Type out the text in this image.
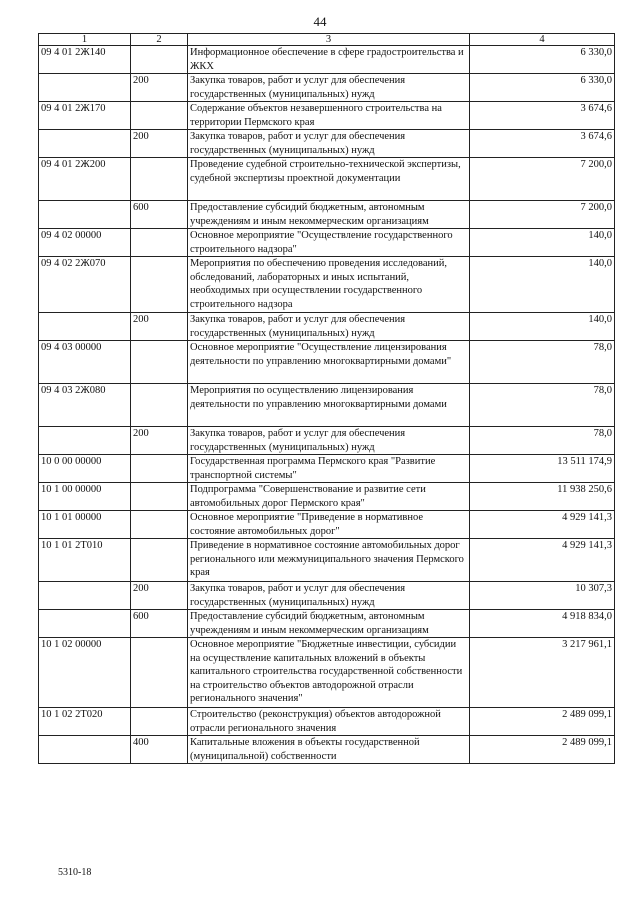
44
1	2	3	4
09 4 01 2Ж140		Информационное обеспечение в сфере градостроительства и ЖКХ	6 330,0
	200	Закупка товаров, работ и услуг для обеспечения государственных (муниципальных) нужд	6 330,0
09 4 01 2Ж170		Содержание объектов незавершенного строительства на территории Пермского края	3 674,6
	200	Закупка товаров, работ и услуг для обеспечения государственных (муниципальных) нужд	3 674,6
09 4 01 2Ж200		Проведение судебной строительно-технической экспертизы, судебной экспертизы проектной документации	7 200,0
	600	Предоставление субсидий бюджетным, автономным учреждениям и иным некоммерческим организациям	7 200,0
09 4 02 00000		Основное мероприятие "Осуществление государственного строительного надзора"	140,0
09 4 02 2Ж070		Мероприятия по обеспечению проведения исследований, обследований, лабораторных и иных испытаний, необходимых при осуществлении государственного строительного надзора	140,0
	200	Закупка товаров, работ и услуг для обеспечения государственных (муниципальных) нужд	140,0
09 4 03 00000		Основное мероприятие "Осуществление лицензирования деятельности по управлению многоквартирными домами"	78,0
09 4 03 2Ж080		Мероприятия по осуществлению лицензирования деятельности по управлению многоквартирными домами	78,0
	200	Закупка товаров, работ и услуг для обеспечения государственных (муниципальных) нужд	78,0
10 0 00 00000		Государственная программа Пермского края "Развитие транспортной системы"	13 511 174,9
10 1 00 00000		Подпрограмма "Совершенствование и развитие сети автомобильных дорог Пермского края"	11 938 250,6
10 1 01 00000		Основное мероприятие "Приведение в нормативное состояние автомобильных дорог"	4 929 141,3
10 1 01 2Т010		Приведение в нормативное состояние автомобильных дорог регионального или межмуниципального значения Пермского края	4 929 141,3
	200	Закупка товаров, работ и услуг для обеспечения государственных (муниципальных) нужд	10 307,3
	600	Предоставление субсидий бюджетным, автономным учреждениям и иным некоммерческим организациям	4 918 834,0
10 1 02 00000		Основное мероприятие "Бюджетные инвестиции, субсидии на осуществление капитальных вложений в объекты капитального строительства государственной собственности на строительство объектов автодорожной отрасли регионального значения"	3 217 961,1
10 1 02 2Т020		Строительство (реконструкция) объектов автодорожной отрасли регионального значения	2 489 099,1
	400	Капитальные вложения в объекты государственной (муниципальной) собственности	2 489 099,1
5310-18
